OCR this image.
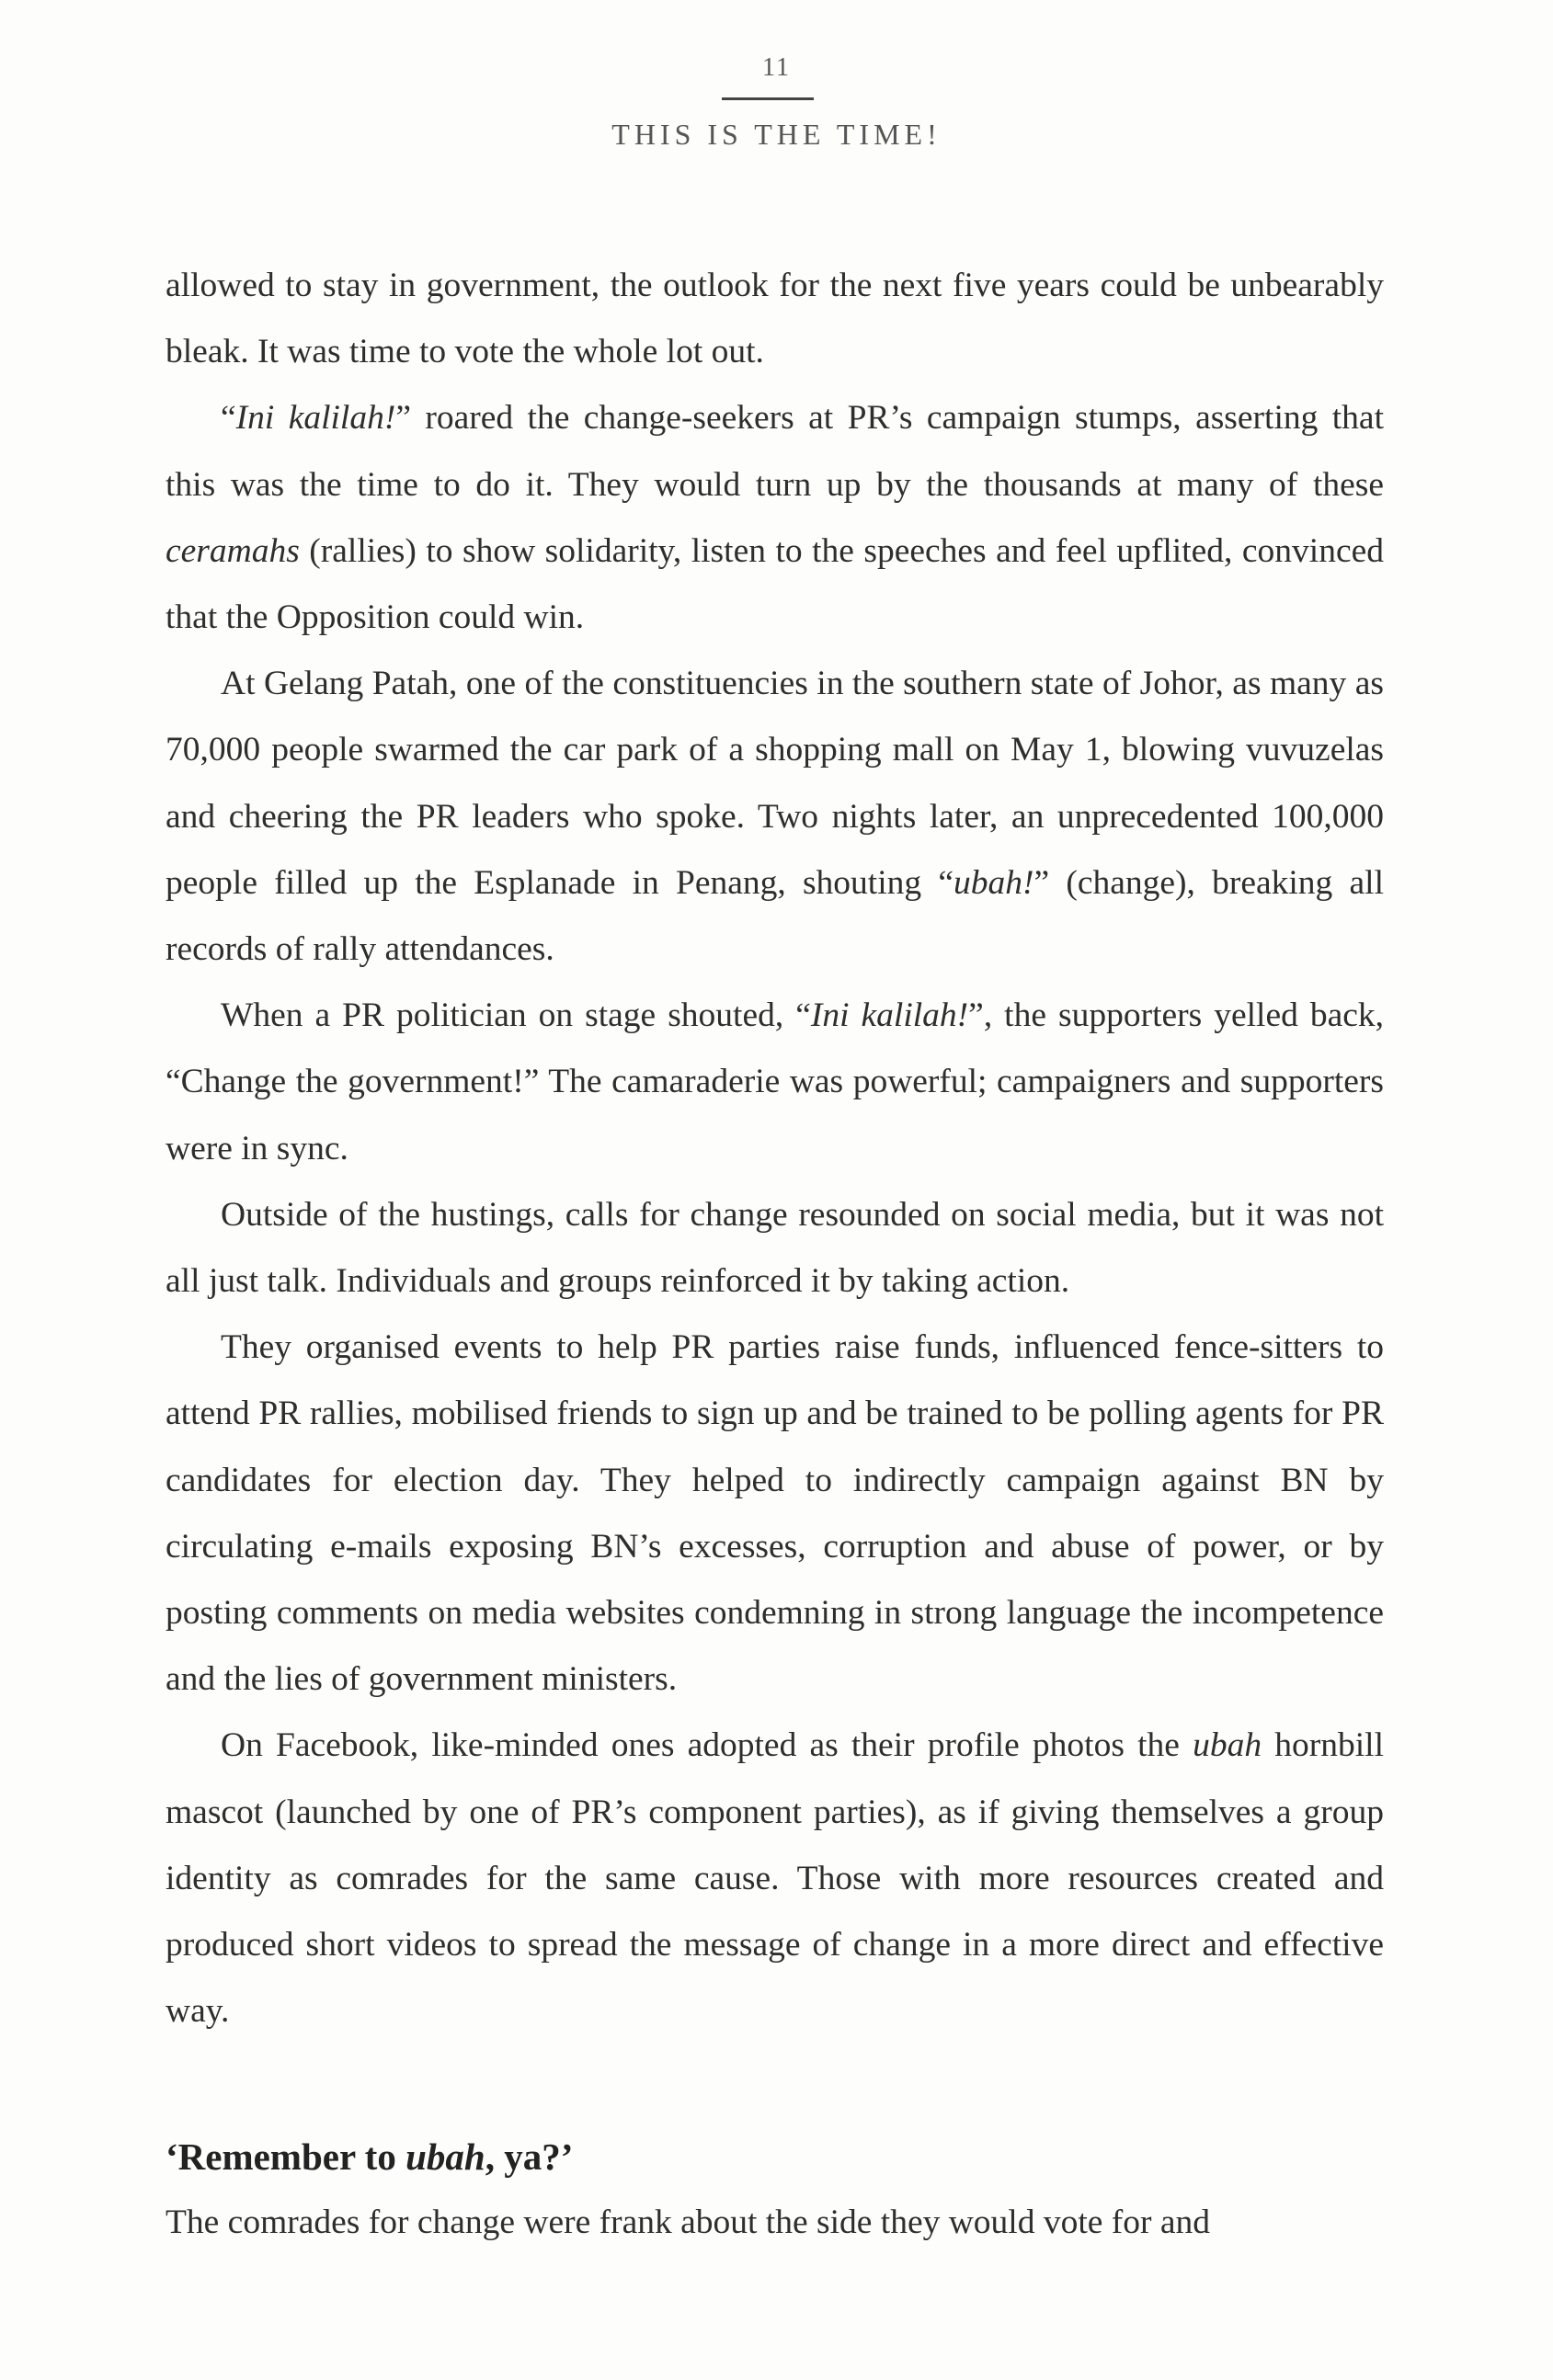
11
THIS IS THE TIME!

allowed to stay in government, the outlook for the next five years could be unbearably bleak. It was time to vote the whole lot out.

“Ini kalilah!” roared the change-seekers at PR’s campaign stumps, asserting that this was the time to do it. They would turn up by the thousands at many of these ceramahs (rallies) to show solidarity, listen to the speeches and feel upflited, convinced that the Opposition could win.

At Gelang Patah, one of the constituencies in the southern state of Johor, as many as 70,000 people swarmed the car park of a shopping mall on May 1, blowing vuvuzelas and cheering the PR leaders who spoke. Two nights later, an unprecedented 100,000 people filled up the Esplanade in Penang, shouting “ubah!” (change), breaking all records of rally attendances.

When a PR politician on stage shouted, “Ini kalilah!”, the supporters yelled back, “Change the government!” The camaraderie was powerful; campaigners and supporters were in sync.

Outside of the hustings, calls for change resounded on social media, but it was not all just talk. Individuals and groups reinforced it by taking action.

They organised events to help PR parties raise funds, influenced fence-sitters to attend PR rallies, mobilised friends to sign up and be trained to be polling agents for PR candidates for election day. They helped to indirectly campaign against BN by circulating e-mails exposing BN’s excesses, corruption and abuse of power, or by posting comments on media websites condemning in strong language the incompetence and the lies of government ministers.

On Facebook, like-minded ones adopted as their profile photos the ubah hornbill mascot (launched by one of PR’s component parties), as if giving themselves a group identity as comrades for the same cause. Those with more resources created and produced short videos to spread the message of change in a more direct and effective way.

‘Remember to ubah, ya?’

The comrades for change were frank about the side they would vote for and
